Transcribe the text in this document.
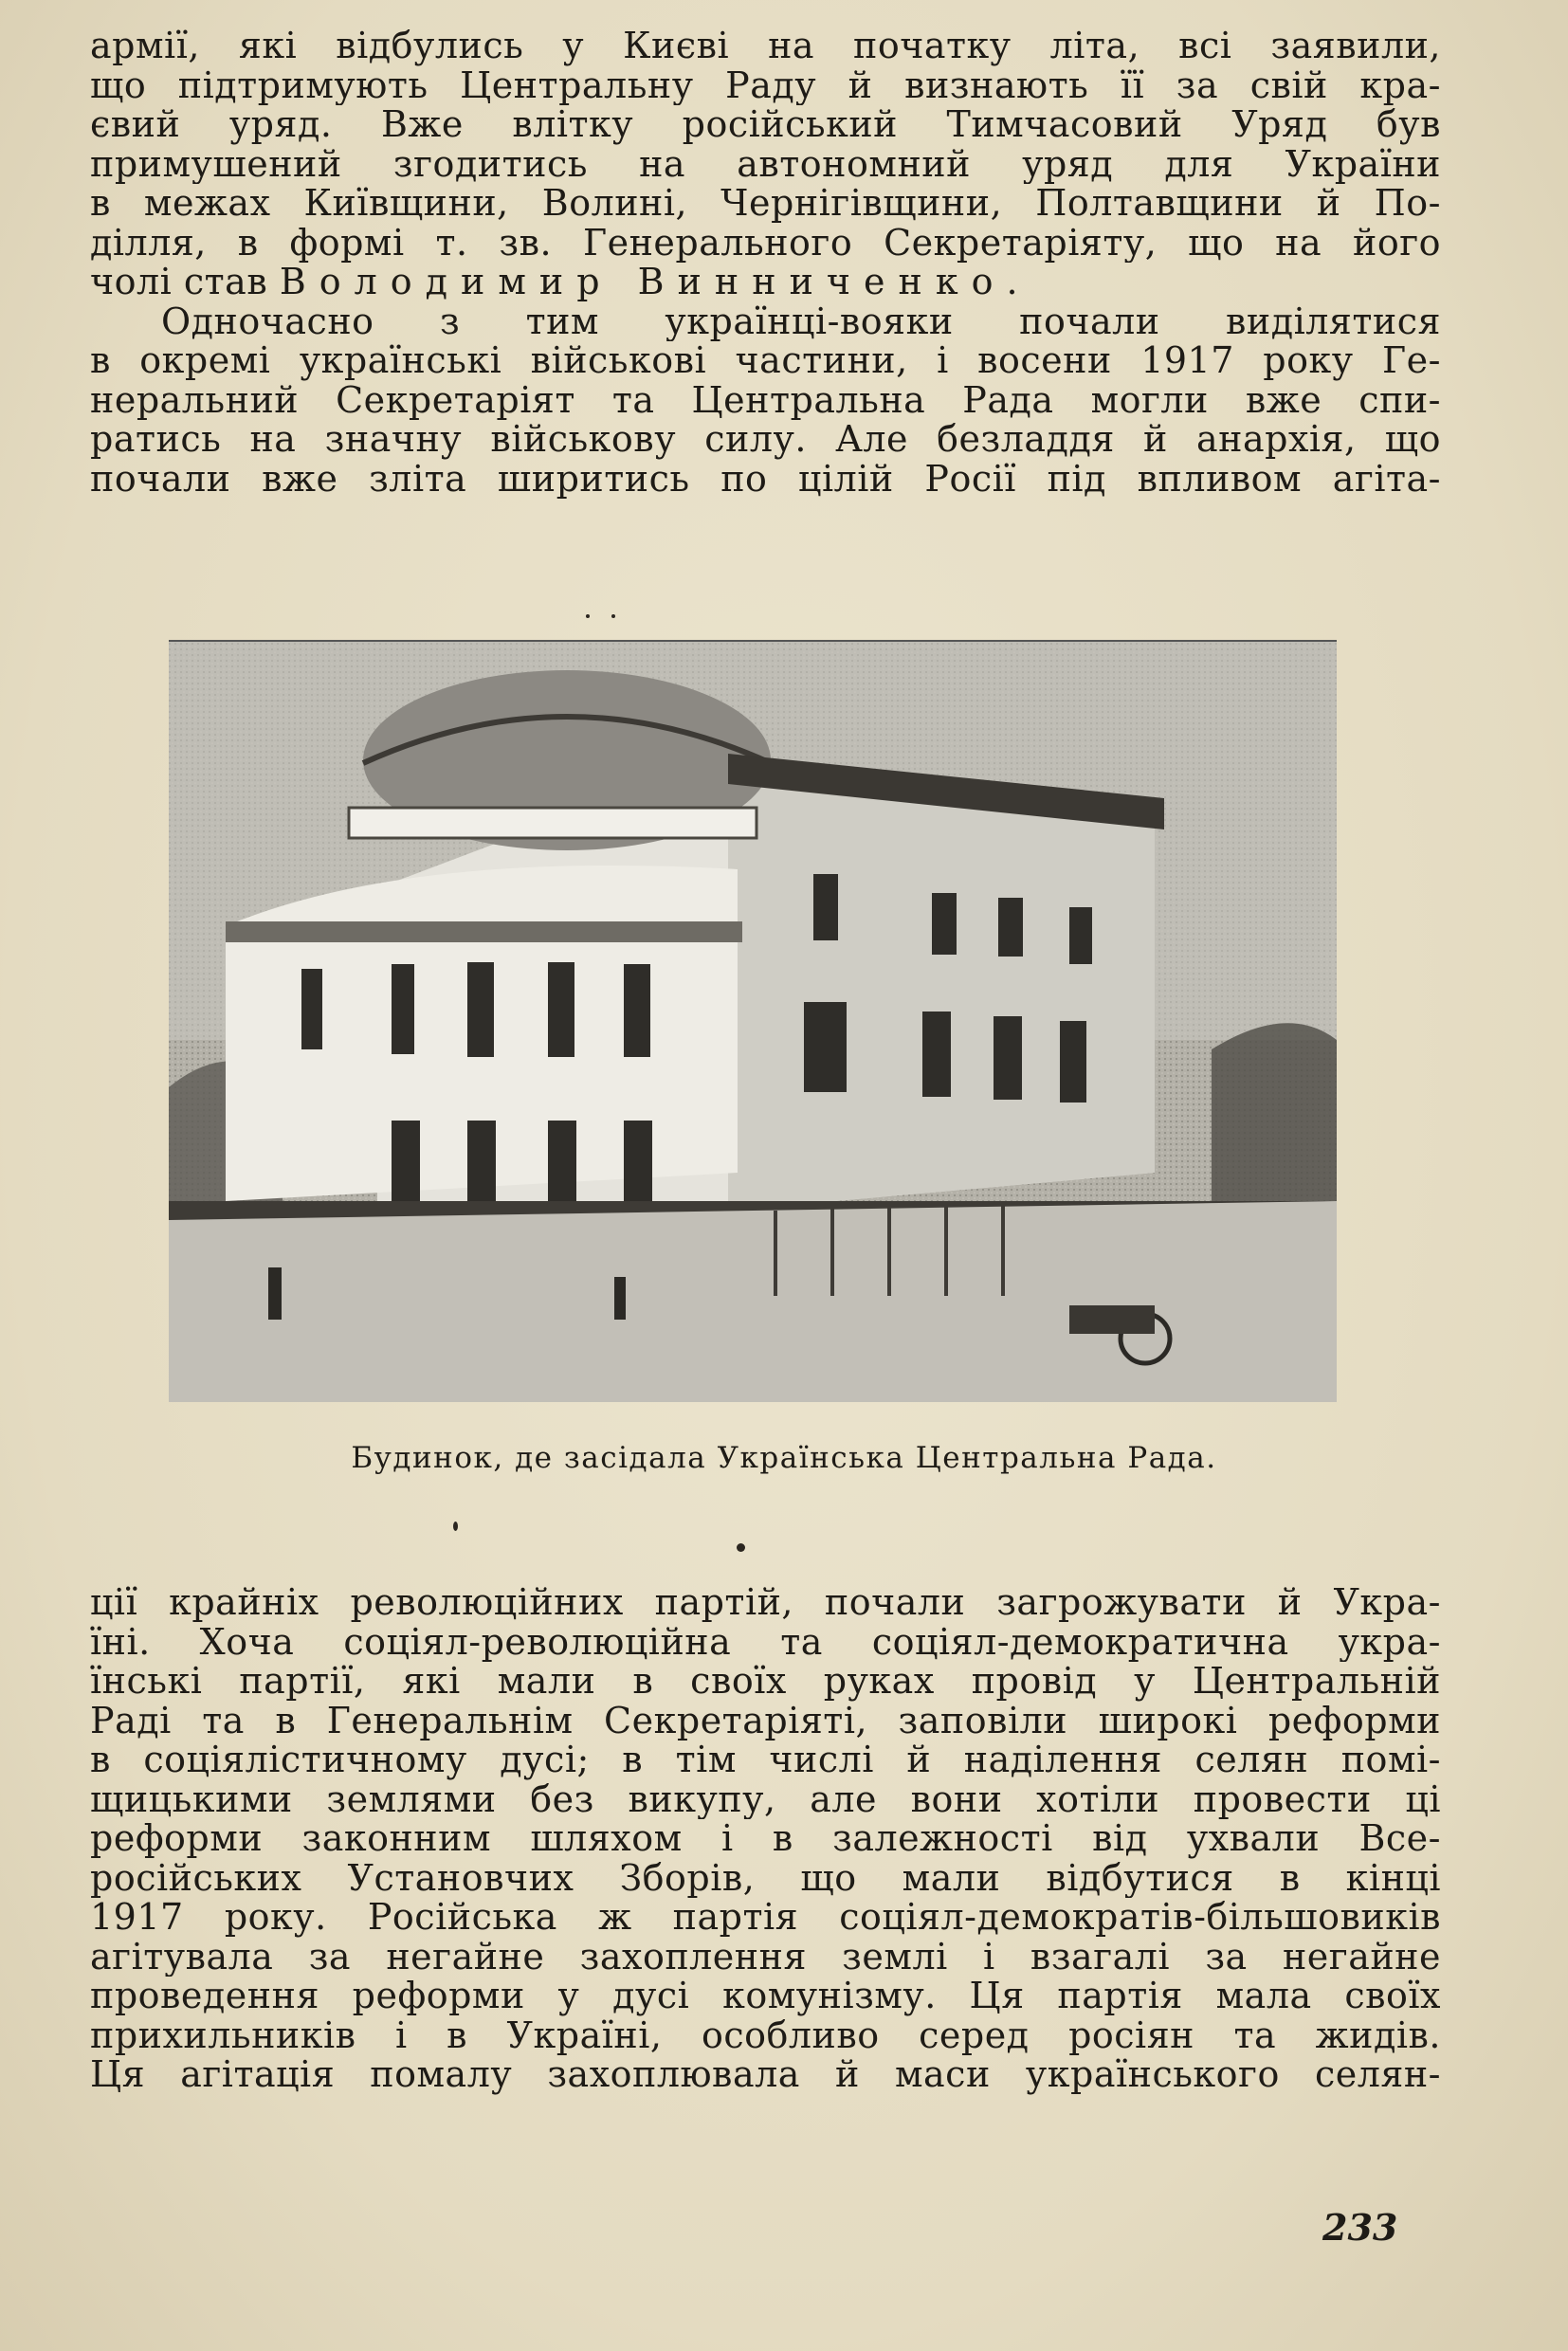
армії, які відбулись у Києві на початку літа, всі заявили,
що підтримують Центральну Раду й визнають її за свій кра-
євий уряд. Вже влітку російський Тимчасовий Уряд був
примушений згодитись на автономний уряд для України
в межах Київщини, Волині, Чернігівщини, Полтавщини й По-
ділля, в формі т. зв. Генерального Секретаріяту, що на його
чолі став Володимир Винниченко.

Одночасно з тим українці-вояки почали виділятися
в окремі українські військові частини, і восени 1917 року Ге-
неральний Секретаріят та Центральна Рада могли вже спи-
ратись на значну військову силу. Але безладдя й анархія, що
почали вже зліта ширитись по цілій Росії під впливом агіта-

Будинок, де засідала Українська Центральна Рада.

ції крайніх революційних партій, почали загрожувати й Укра-
їні. Хоча соціял-революційна та соціял-демократична укра-
їнські партії, які мали в своїх руках провід у Центральній
Раді та в Генеральнім Секретаріяті, заповіли широкі реформи
в соціялістичному дусі; в тім числі й наділення селян помі-
щицькими землями без викупу, але вони хотіли провести ці
реформи законним шляхом і в залежності від ухвали Все-
російських Установчих Зборів, що мали відбутися в кінці
1917 року. Російська ж партія соціял-демократів-більшовиків
агітувала за негайне захоплення землі і взагалі за негайне
проведення реформи у дусі комунізму. Ця партія мала своїх
прихильників і в Україні, особливо серед росіян та жидів.
Ця агітація помалу захоплювала й маси українського селян-

233
